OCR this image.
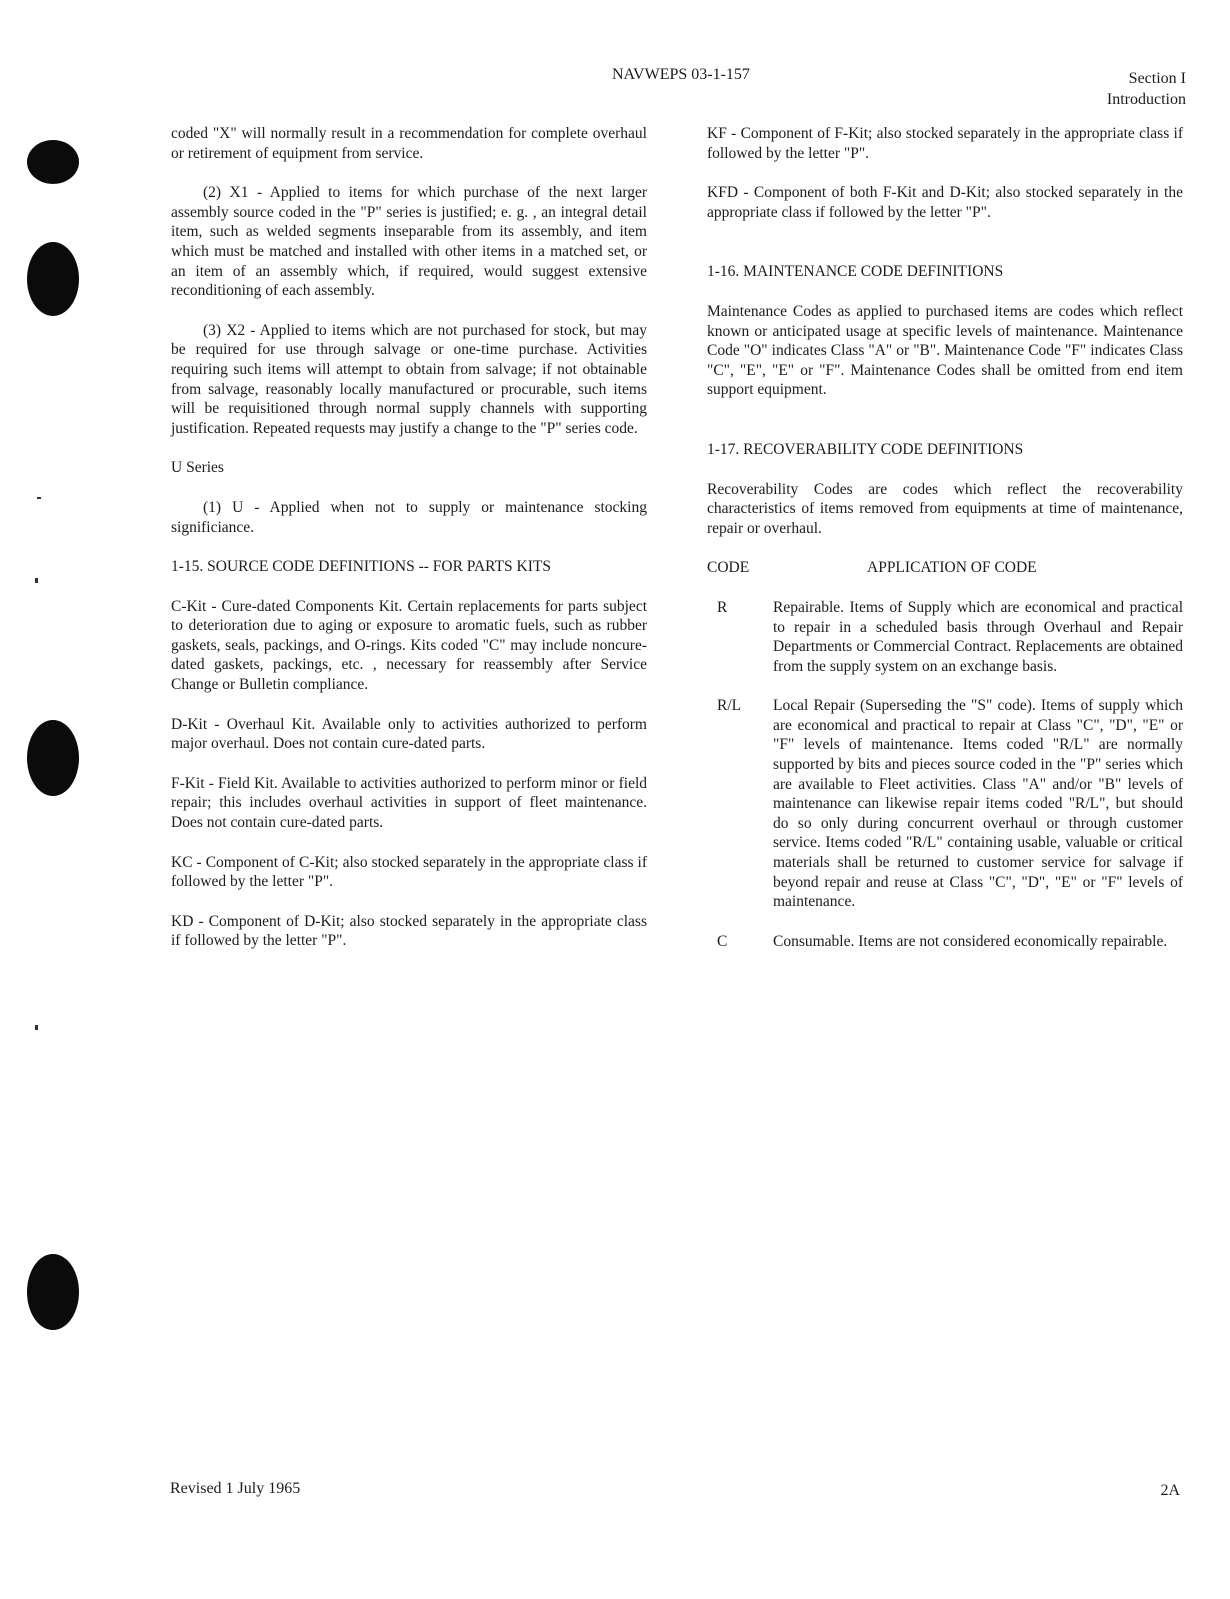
NAVWEPS 03-1-157	Section I
Introduction

coded "X" will normally result in a recommendation for complete overhaul or retirement of equipment from service.

(2) X1 - Applied to items for which purchase of the next larger assembly source coded in the "P" series is justified; e. g. , an integral detail item, such as welded segments inseparable from its assembly, and item which must be matched and installed with other items in a matched set, or an item of an assembly which, if required, would suggest extensive reconditioning of each assembly.

(3) X2 - Applied to items which are not purchased for stock, but may be required for use through salvage or one-time purchase. Activities requiring such items will attempt to obtain from salvage; if not obtainable from salvage, reasonably locally manufactured or procurable, such items will be requisitioned through normal supply channels with supporting justification. Repeated requests may justify a change to the "P" series code.

U Series

(1) U - Applied when not to supply or maintenance stocking significiance.

1-15. SOURCE CODE DEFINITIONS -- FOR PARTS KITS

C-Kit - Cure-dated Components Kit. Certain replacements for parts subject to deterioration due to aging or exposure to aromatic fuels, such as rubber gaskets, seals, packings, and O-rings. Kits coded "C" may include noncure-dated gaskets, packings, etc. , necessary for reassembly after Service Change or Bulletin compliance.

D-Kit - Overhaul Kit. Available only to activities authorized to perform major overhaul. Does not contain cure-dated parts.

F-Kit - Field Kit. Available to activities authorized to perform minor or field repair; this includes overhaul activities in support of fleet maintenance. Does not contain cure-dated parts.

KC - Component of C-Kit; also stocked separately in the appropriate class if followed by the letter "P".

KD - Component of D-Kit; also stocked separately in the appropriate class if followed by the letter "P".

KF - Component of F-Kit; also stocked separately in the appropriate class if followed by the letter "P".

KFD - Component of both F-Kit and D-Kit; also stocked separately in the appropriate class if followed by the letter "P".

1-16. MAINTENANCE CODE DEFINITIONS

Maintenance Codes as applied to purchased items are codes which reflect known or anticipated usage at specific levels of maintenance. Maintenance Code "O" indicates Class "A" or "B". Maintenance Code "F" indicates Class "C", "E", "E" or "F". Maintenance Codes shall be omitted from end item support equipment.

1-17. RECOVERABILITY CODE DEFINITIONS

Recoverability Codes are codes which reflect the recoverability characteristics of items removed from equipments at time of maintenance, repair or overhaul.

CODE	APPLICATION OF CODE
R	Repairable. Items of Supply which are economical and practical to repair in a scheduled basis through Overhaul and Repair Departments or Commercial Contract. Replacements are obtained from the supply system on an exchange basis.
R/L	Local Repair (Superseding the "S" code). Items of supply which are economical and practical to repair at Class "C", "D", "E" or "F" levels of maintenance. Items coded "R/L" are normally supported by bits and pieces source coded in the "P" series which are available to Fleet activities. Class "A" and/or "B" levels of maintenance can likewise repair items coded "R/L", but should do so only during concurrent overhaul or through customer service. Items coded "R/L" containing usable, valuable or critical materials shall be returned to customer service for salvage if beyond repair and reuse at Class "C", "D", "E" or "F" levels of maintenance.
C	Consumable. Items are not considered economically repairable.
Revised 1 July 1965	2A
